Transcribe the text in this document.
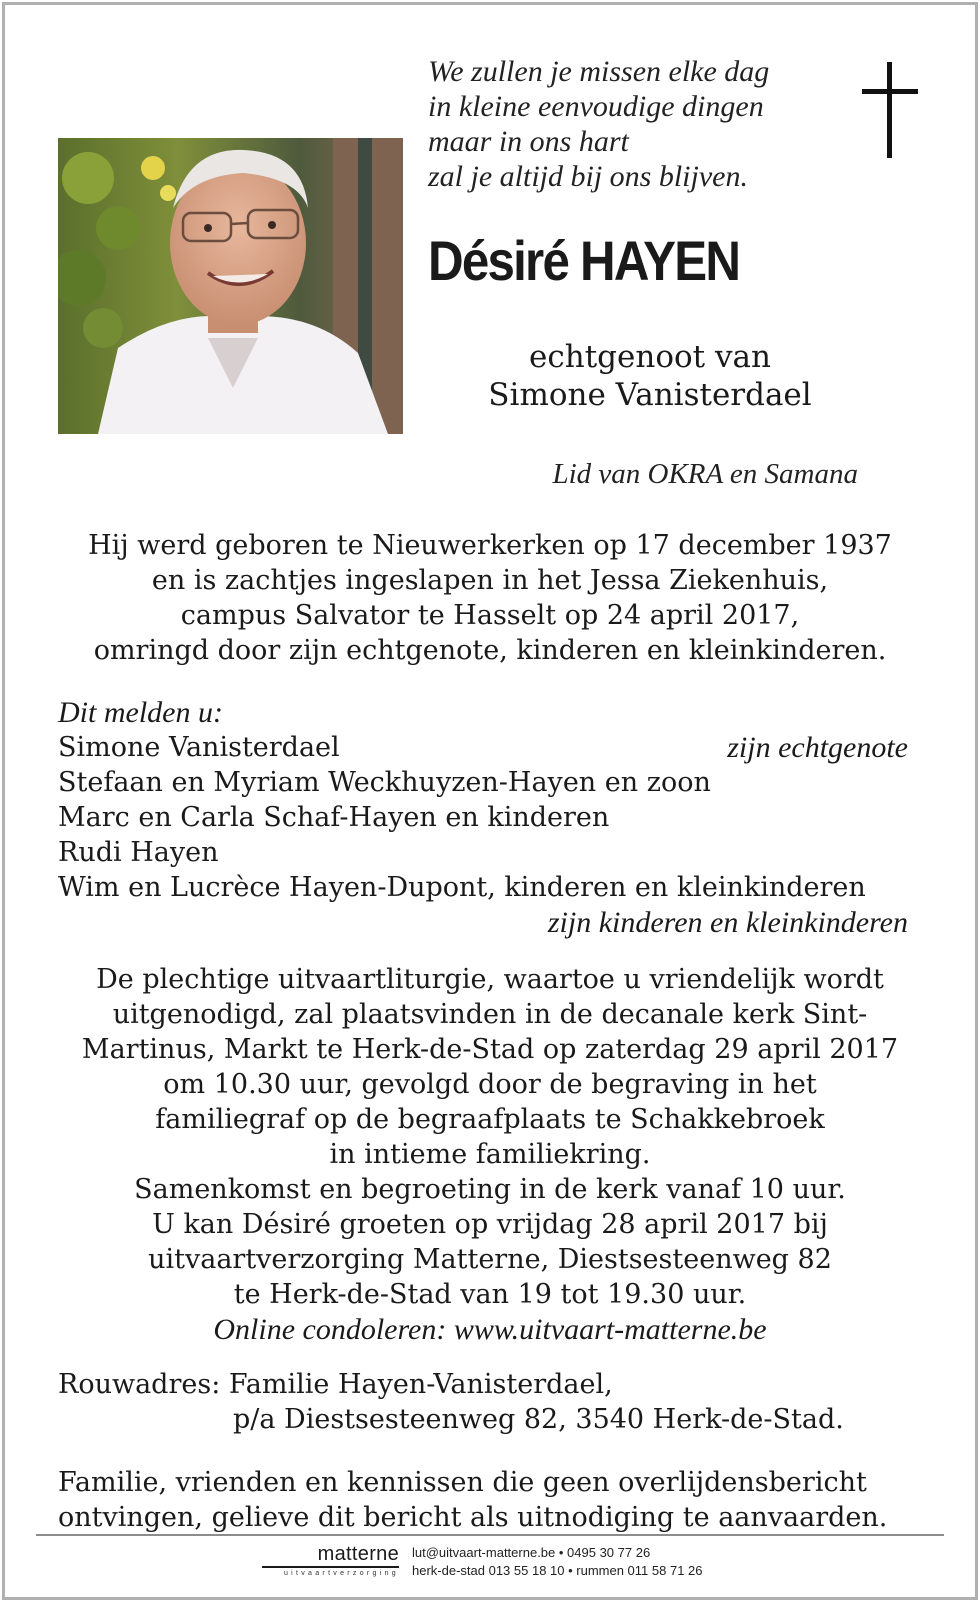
We zullen je missen elke dag
in kleine eenvoudige dingen
maar in ons hart
zal je altijd bij ons blijven.
Désiré HAYEN
echtgenoot van
Simone Vanisterdael
Lid van OKRA en Samana
Hij werd geboren te Nieuwerkerken op 17 december 1937
en is zachtjes ingeslapen in het Jessa Ziekenhuis,
campus Salvator te Hasselt op 24 april 2017,
omringd door zijn echtgenote, kinderen en kleinkinderen.
Dit melden u:
Simone Vanisterdael	zijn echtgenote
Stefaan en Myriam Weckhuyzen-Hayen en zoon
Marc en Carla Schaf-Hayen en kinderen
Rudi Hayen
Wim en Lucrèce Hayen-Dupont, kinderen en kleinkinderen
zijn kinderen en kleinkinderen
De plechtige uitvaartliturgie, waartoe u vriendelijk wordt
uitgenodigd, zal plaatsvinden in de decanale kerk Sint-
Martinus, Markt te Herk-de-Stad op zaterdag 29 april 2017
om 10.30 uur, gevolgd door de begraving in het
familiegraf op de begraafplaats te Schakkebroek
in intieme familiekring.
Samenkomst en begroeting in de kerk vanaf 10 uur.
U kan Désiré groeten op vrijdag 28 april 2017 bij
uitvaartverzorging Matterne, Diestsesteenweg 82
te Herk-de-Stad van 19 tot 19.30 uur.
Online condoleren: www.uitvaart-matterne.be
Rouwadres: Familie Hayen-Vanisterdael,
p/a Diestsesteenweg 82, 3540 Herk-de-Stad.
Familie, vrienden en kennissen die geen overlijdensbericht
ontvingen, gelieve dit bericht als uitnodiging te aanvaarden.
matterne
uitvaartverzorging
lut@uitvaart-matterne.be • 0495 30 77 26
herk-de-stad 013 55 18 10 • rummen 011 58 71 26
